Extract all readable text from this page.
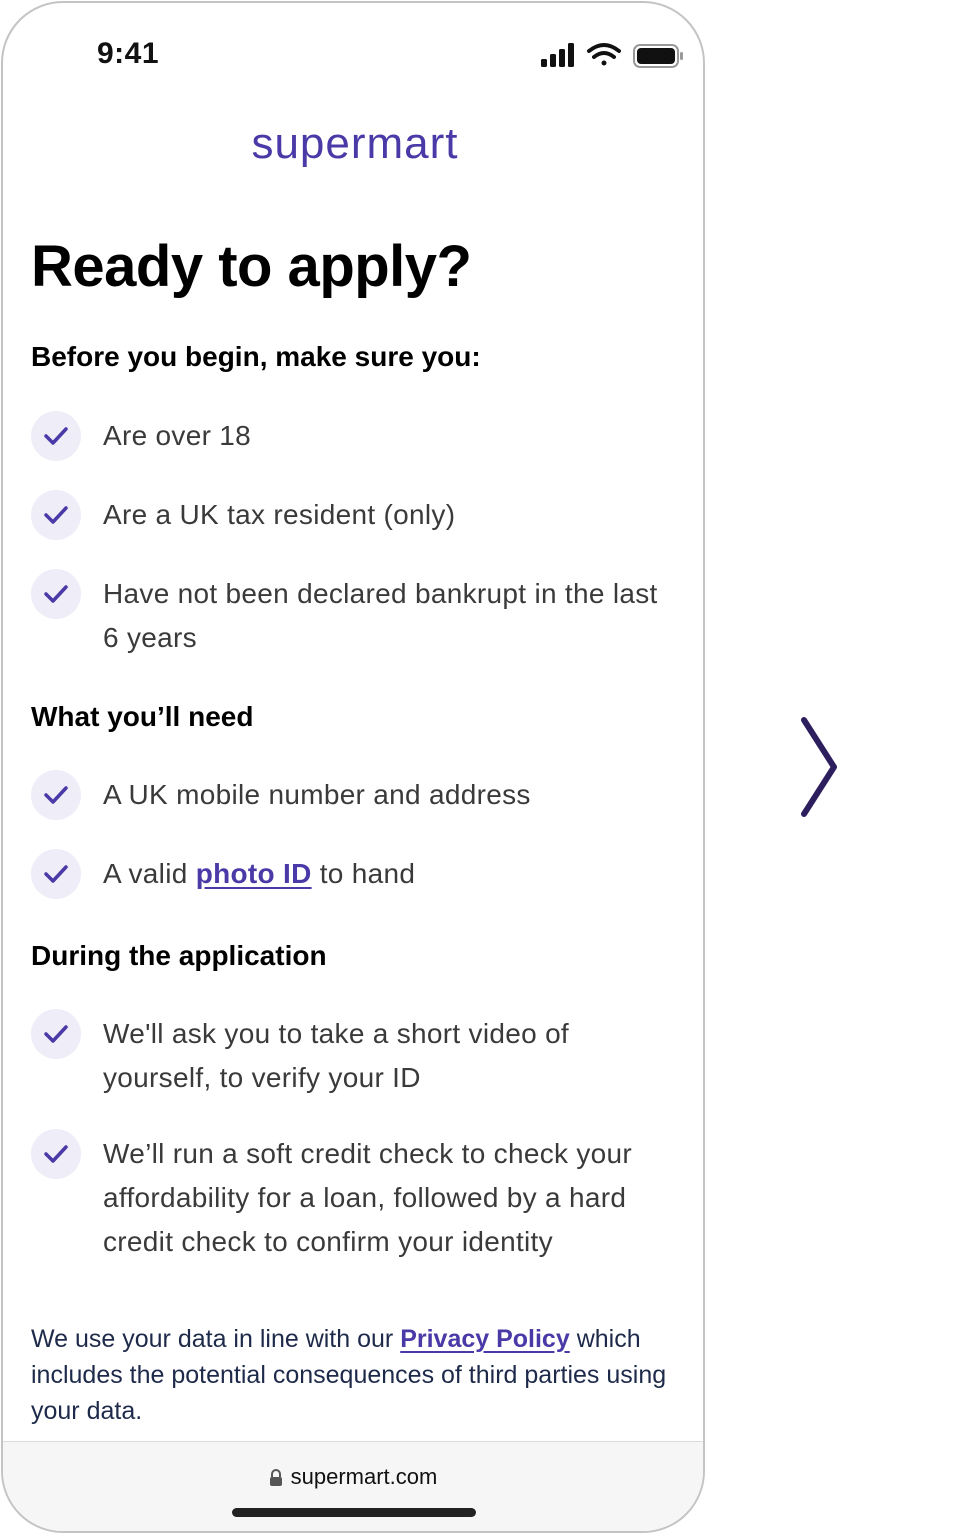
9:41
supermart
Ready to apply?
Before you begin, make sure you:
Are over 18
Are a UK tax resident (only)
Have not been declared bankrupt in the last 6 years
What you’ll need
A UK mobile number and address
A valid photo ID to hand
During the application
We'll ask you to take a short video of yourself, to verify your ID
We’ll run a soft credit check to check your affordability for a loan, followed by a hard credit check to confirm your identity

We use your data in line with our Privacy Policy which includes the potential consequences of third parties using your data.

supermart.com
